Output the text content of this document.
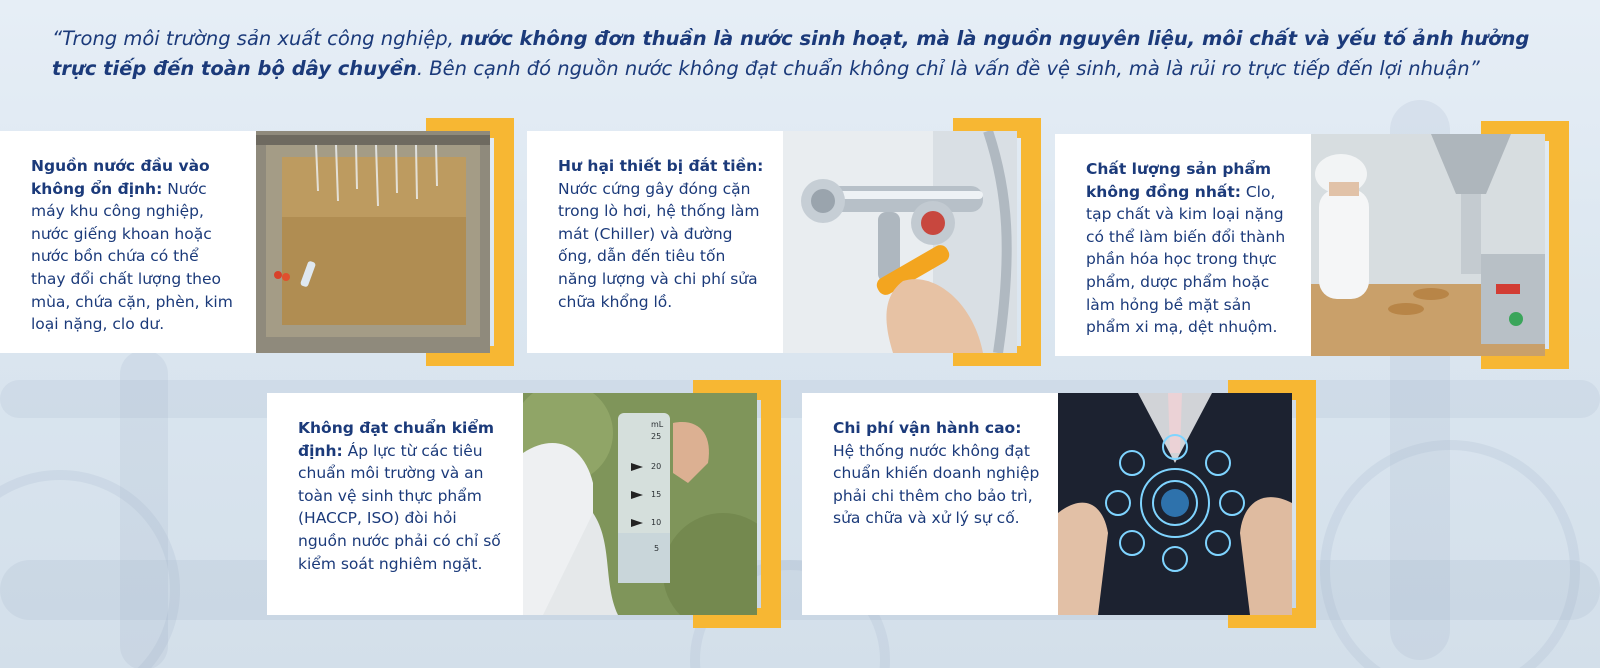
“Trong môi trường sản xuất công nghiệp, nước không đơn thuần là nước sinh hoạt, mà là nguồn nguyên liệu, môi chất và yếu tố ảnh hưởng trực tiếp đến toàn bộ dây chuyền. Bên cạnh đó nguồn nước không đạt chuẩn không chỉ là vấn đề vệ sinh, mà là rủi ro trực tiếp đến lợi nhuận”

Nguồn nước đầu vào không ổn định: Nước máy khu công nghiệp, nước giếng khoan hoặc nước bồn chứa có thể thay đổi chất lượng theo mùa, chứa cặn, phèn, kim loại nặng, clo dư.
Hư hại thiết bị đắt tiền: Nước cứng gây đóng cặn trong lò hơi, hệ thống làm mát (Chiller) và đường ống, dẫn đến tiêu tốn năng lượng và chi phí sửa chữa khổng lồ.
Chất lượng sản phẩm không đồng nhất: Clo, tạp chất và kim loại nặng có thể làm biến đổi thành phần hóa học trong thực phẩm, dược phẩm hoặc làm hỏng bề mặt sản phẩm xi mạ, dệt nhuộm.
Không đạt chuẩn kiểm định: Áp lực từ các tiêu chuẩn môi trường và an toàn vệ sinh thực phẩm (HACCP, ISO) đòi hỏi nguồn nước phải có chỉ số kiểm soát nghiêm ngặt.
mL
25
20
15
10
5
Chi phí vận hành cao: Hệ thống nước không đạt chuẩn khiến doanh nghiệp phải chi thêm cho bảo trì, sửa chữa và xử lý sự cố.
